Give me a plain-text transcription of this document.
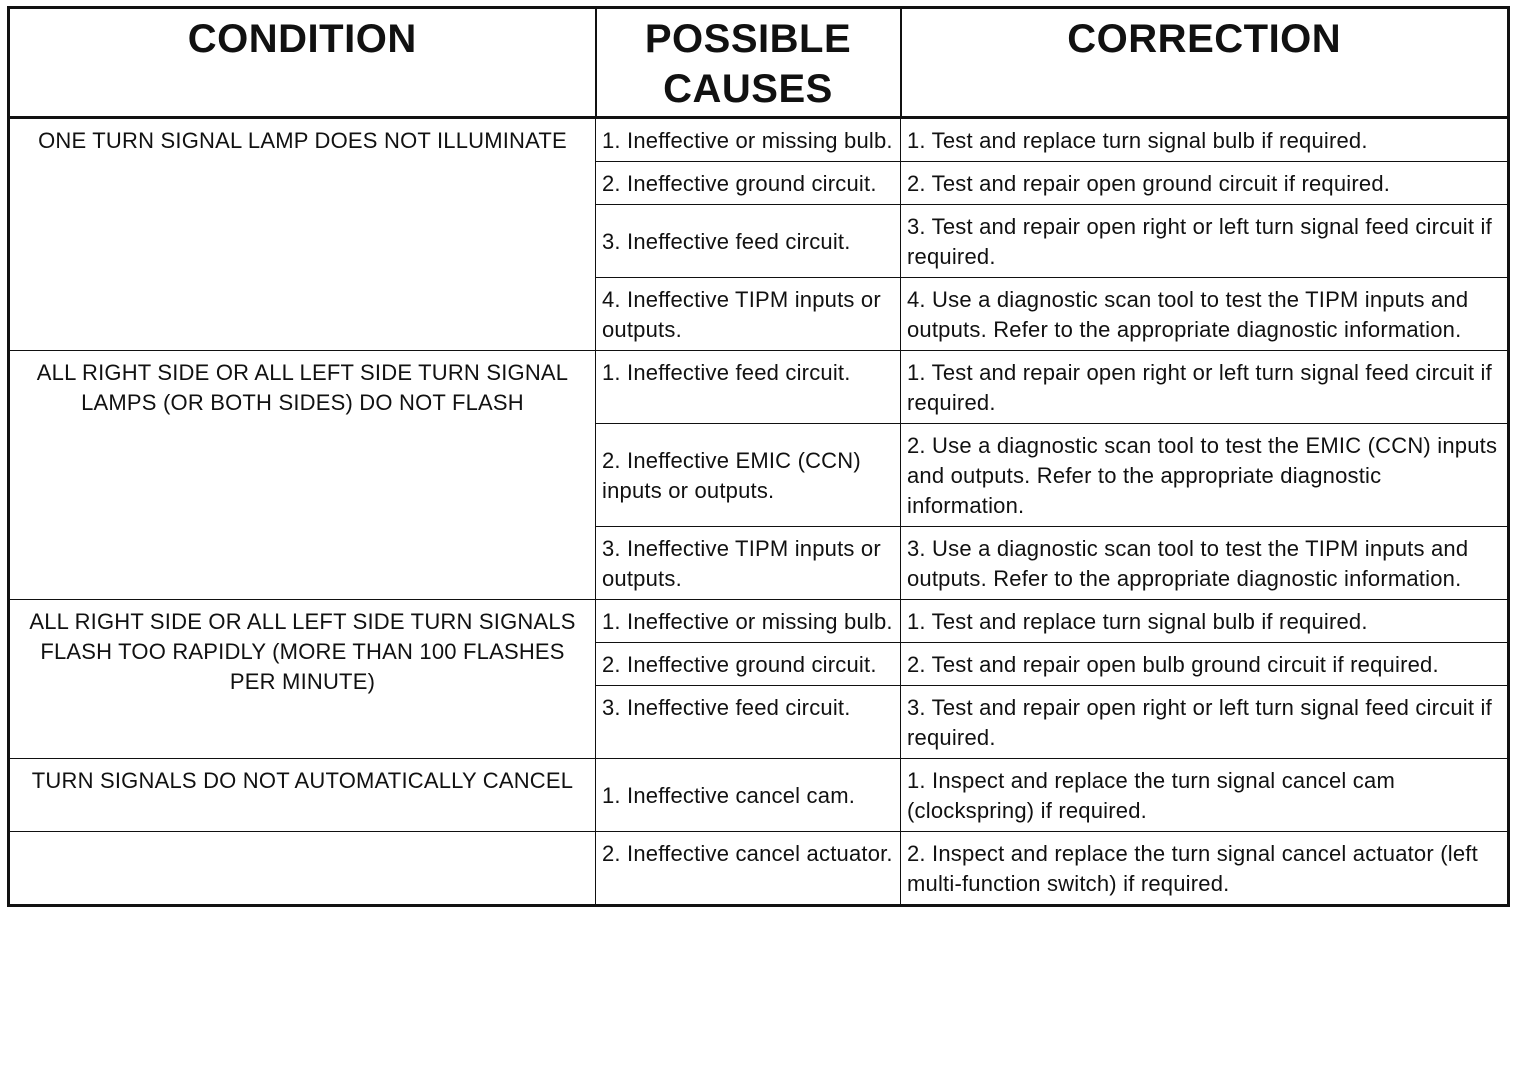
CONDITION	POSSIBLE CAUSES	CORRECTION
ONE TURN SIGNAL LAMP DOES NOT ILLUMINATE	1. Ineffective or missing bulb.	1. Test and replace turn signal bulb if required.
	2. Ineffective ground circuit.	2. Test and repair open ground circuit if required.
	3. Ineffective feed circuit.	3. Test and repair open right or left turn signal feed circuit if required.
	4. Ineffective TIPM inputs or outputs.	4. Use a diagnostic scan tool to test the TIPM inputs and outputs. Refer to the appropriate diagnostic information.
ALL RIGHT SIDE OR ALL LEFT SIDE TURN SIGNAL LAMPS (OR BOTH SIDES) DO NOT FLASH	1. Ineffective feed circuit.	1. Test and repair open right or left turn signal feed circuit if required.
	2. Ineffective EMIC (CCN) inputs or outputs.	2. Use a diagnostic scan tool to test the EMIC (CCN) inputs and outputs. Refer to the appropriate diagnostic information.
	3. Ineffective TIPM inputs or outputs.	3. Use a diagnostic scan tool to test the TIPM inputs and outputs. Refer to the appropriate diagnostic information.
ALL RIGHT SIDE OR ALL LEFT SIDE TURN SIGNALS FLASH TOO RAPIDLY (MORE THAN 100 FLASHES PER MINUTE)	1. Ineffective or missing bulb.	1. Test and replace turn signal bulb if required.
	2. Ineffective ground circuit.	2. Test and repair open bulb ground circuit if required.
	3. Ineffective feed circuit.	3. Test and repair open right or left turn signal feed circuit if required.
TURN SIGNALS DO NOT AUTOMATICALLY CANCEL	1. Ineffective cancel cam.	1. Inspect and replace the turn signal cancel cam (clockspring) if required.
	2. Ineffective cancel actuator.	2. Inspect and replace the turn signal cancel actuator (left multi-function switch) if required.
